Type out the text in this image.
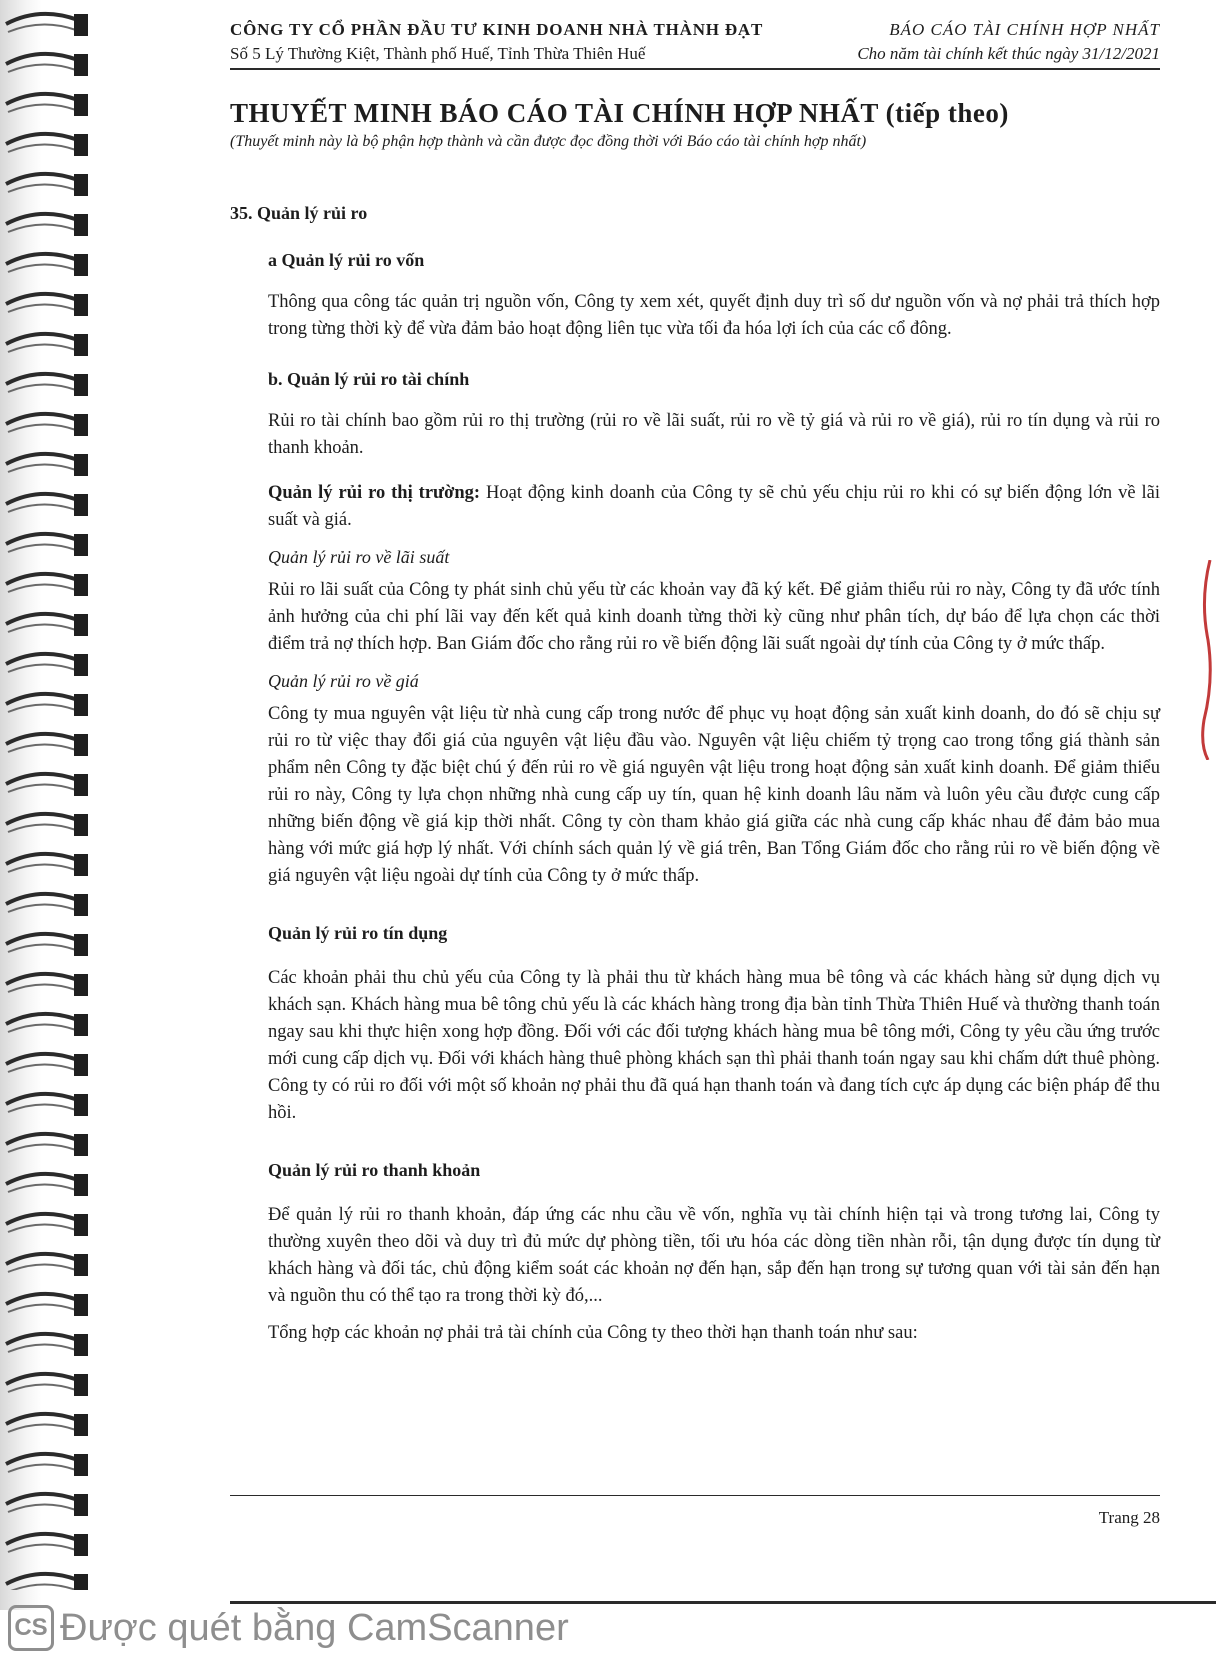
CÔNG TY CỔ PHẦN ĐẦU TƯ KINH DOANH NHÀ THÀNH ĐẠT
Số 5 Lý Thường Kiệt, Thành phố Huế, Tỉnh Thừa Thiên Huế
BÁO CÁO TÀI CHÍNH HỢP NHẤT
Cho năm tài chính kết thúc ngày 31/12/2021
THUYẾT MINH BÁO CÁO TÀI CHÍNH HỢP NHẤT (tiếp theo)
(Thuyết minh này là bộ phận hợp thành và cần được đọc đồng thời với Báo cáo tài chính hợp nhất)
35. Quản lý rủi ro
a Quản lý rủi ro vốn
Thông qua công tác quản trị nguồn vốn, Công ty xem xét, quyết định duy trì số dư nguồn vốn và nợ phải trả thích hợp trong từng thời kỳ để vừa đảm bảo hoạt động liên tục vừa tối đa hóa lợi ích của các cổ đông.
b. Quản lý rủi ro tài chính
Rủi ro tài chính bao gồm rủi ro thị trường (rủi ro về lãi suất, rủi ro về tỷ giá và rủi ro về giá), rủi ro tín dụng và rủi ro thanh khoản.
Quản lý rủi ro thị trường: Hoạt động kinh doanh của Công ty sẽ chủ yếu chịu rủi ro khi có sự biến động lớn về lãi suất và giá.
Quản lý rủi ro về lãi suất
Rủi ro lãi suất của Công ty phát sinh chủ yếu từ các khoản vay đã ký kết. Để giảm thiểu rủi ro này, Công ty đã ước tính ảnh hưởng của chi phí lãi vay đến kết quả kinh doanh từng thời kỳ cũng như phân tích, dự báo để lựa chọn các thời điểm trả nợ thích hợp. Ban Giám đốc cho rằng rủi ro về biến động lãi suất ngoài dự tính của Công ty ở mức thấp.
Quản lý rủi ro về giá
Công ty mua nguyên vật liệu từ nhà cung cấp trong nước để phục vụ hoạt động sản xuất kinh doanh, do đó sẽ chịu sự rủi ro từ việc thay đổi giá của nguyên vật liệu đầu vào. Nguyên vật liệu chiếm tỷ trọng cao trong tổng giá thành sản phẩm nên Công ty đặc biệt chú ý đến rủi ro về giá nguyên vật liệu trong hoạt động sản xuất kinh doanh. Để giảm thiểu rủi ro này, Công ty lựa chọn những nhà cung cấp uy tín, quan hệ kinh doanh lâu năm và luôn yêu cầu được cung cấp những biến động về giá kịp thời nhất. Công ty còn tham khảo giá giữa các nhà cung cấp khác nhau để đảm bảo mua hàng với mức giá hợp lý nhất. Với chính sách quản lý về giá trên, Ban Tổng Giám đốc cho rằng rủi ro về biến động về giá nguyên vật liệu ngoài dự tính của Công ty ở mức thấp.
Quản lý rủi ro tín dụng
Các khoản phải thu chủ yếu của Công ty là phải thu từ khách hàng mua bê tông và các khách hàng sử dụng dịch vụ khách sạn. Khách hàng mua bê tông chủ yếu là các khách hàng trong địa bàn tỉnh Thừa Thiên Huế và thường thanh toán ngay sau khi thực hiện xong hợp đồng. Đối với các đối tượng khách hàng mua bê tông mới, Công ty yêu cầu ứng trước mới cung cấp dịch vụ. Đối với khách hàng thuê phòng khách sạn thì phải thanh toán ngay sau khi chấm dứt thuê phòng. Công ty có rủi ro đối với một số khoản nợ phải thu đã quá hạn thanh toán và đang tích cực áp dụng các biện pháp để thu hồi.
Quản lý rủi ro thanh khoản
Để quản lý rủi ro thanh khoản, đáp ứng các nhu cầu về vốn, nghĩa vụ tài chính hiện tại và trong tương lai, Công ty thường xuyên theo dõi và duy trì đủ mức dự phòng tiền, tối ưu hóa các dòng tiền nhàn rỗi, tận dụng được tín dụng từ khách hàng và đối tác, chủ động kiểm soát các khoản nợ đến hạn, sắp đến hạn trong sự tương quan với tài sản đến hạn và nguồn thu có thể tạo ra trong thời kỳ đó,...
Tổng hợp các khoản nợ phải trả tài chính của Công ty theo thời hạn thanh toán như sau:
Trang 28
CS Được quét bằng CamScanner
